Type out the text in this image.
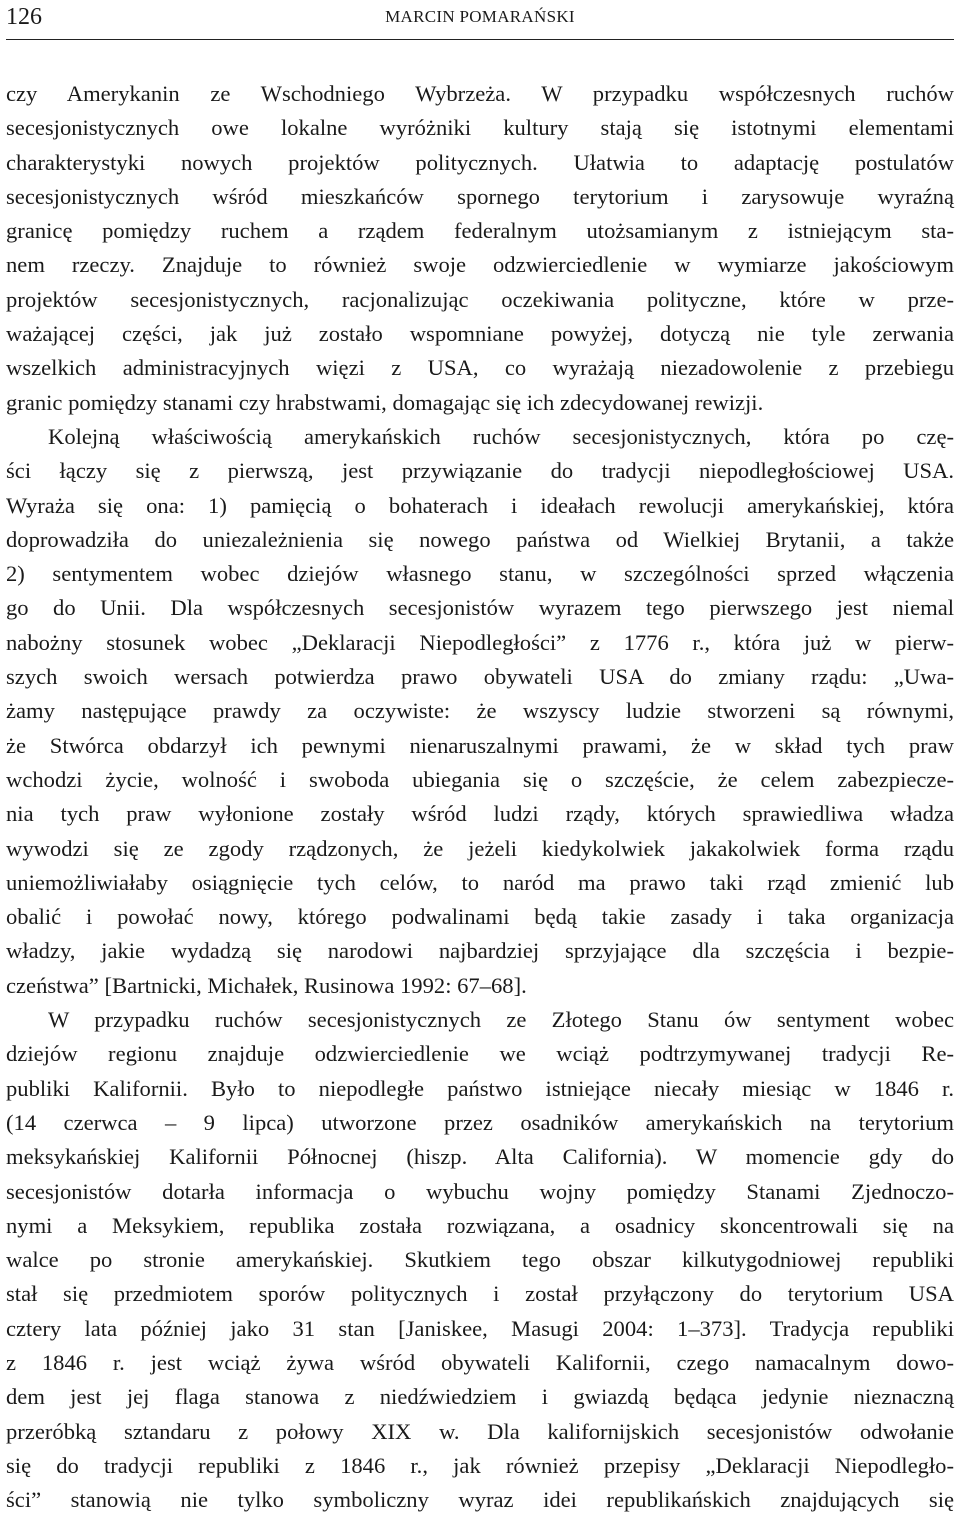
126	MARCIN POMARAŃSKI
czy Amerykanin ze Wschodniego Wybrzeża. W przypadku współczesnych ruchów
secesjonistycznych owe lokalne wyróżniki kultury stają się istotnymi elementami
charakterystyki nowych projektów politycznych. Ułatwia to adaptację postulatów
secesjonistycznych wśród mieszkańców spornego terytorium i zarysowuje wyraźną
granicę pomiędzy ruchem a rządem federalnym utożsamianym z istniejącym sta-
nem rzeczy. Znajduje to również swoje odzwierciedlenie w wymiarze jakościowym
projektów secesjonistycznych, racjonalizując oczekiwania polityczne, które w prze-
ważającej części, jak już zostało wspomniane powyżej, dotyczą nie tyle zerwania
wszelkich administracyjnych więzi z USA, co wyrażają niezadowolenie z przebiegu
granic pomiędzy stanami czy hrabstwami, domagając się ich zdecydowanej rewizji.
Kolejną właściwością amerykańskich ruchów secesjonistycznych, która po czę-
ści łączy się z pierwszą, jest przywiązanie do tradycji niepodległościowej USA.
Wyraża się ona: 1) pamięcią o bohaterach i ideałach rewolucji amerykańskiej, która
doprowadziła do uniezależnienia się nowego państwa od Wielkiej Brytanii, a także
2) sentymentem wobec dziejów własnego stanu, w szczególności sprzed włączenia
go do Unii. Dla współczesnych secesjonistów wyrazem tego pierwszego jest niemal
nabożny stosunek wobec „Deklaracji Niepodległości” z 1776 r., która już w pierw-
szych swoich wersach potwierdza prawo obywateli USA do zmiany rządu: „Uwa-
żamy następujące prawdy za oczywiste: że wszyscy ludzie stworzeni są równymi,
że Stwórca obdarzył ich pewnymi nienaruszalnymi prawami, że w skład tych praw
wchodzi życie, wolność i swoboda ubiegania się o szczęście, że celem zabezpiecze-
nia tych praw wyłonione zostały wśród ludzi rządy, których sprawiedliwa władza
wywodzi się ze zgody rządzonych, że jeżeli kiedykolwiek jakakolwiek forma rządu
uniemożliwiałaby osiągnięcie tych celów, to naród ma prawo taki rząd zmienić lub
obalić i powołać nowy, którego podwalinami będą takie zasady i taka organizacja
władzy, jakie wydadzą się narodowi najbardziej sprzyjające dla szczęścia i bezpie-
czeństwa” [Bartnicki, Michałek, Rusinowa 1992: 67–68].
W przypadku ruchów secesjonistycznych ze Złotego Stanu ów sentyment wobec
dziejów regionu znajduje odzwierciedlenie we wciąż podtrzymywanej tradycji Re-
publiki Kalifornii. Było to niepodległe państwo istniejące niecały miesiąc w 1846 r.
(14 czerwca – 9 lipca) utworzone przez osadników amerykańskich na terytorium
meksykańskiej Kalifornii Północnej (hiszp. Alta California). W momencie gdy do
secesjonistów dotarła informacja o wybuchu wojny pomiędzy Stanami Zjednoczo-
nymi a Meksykiem, republika została rozwiązana, a osadnicy skoncentrowali się na
walce po stronie amerykańskiej. Skutkiem tego obszar kilkutygodniowej republiki
stał się przedmiotem sporów politycznych i został przyłączony do terytorium USA
cztery lata później jako 31 stan [Janiskee, Masugi 2004: 1–373]. Tradycja republiki
z 1846 r. jest wciąż żywa wśród obywateli Kalifornii, czego namacalnym dowo-
dem jest jej flaga stanowa z niedźwiedziem i gwiazdą będąca jedynie nieznaczną
przeróbką sztandaru z połowy XIX w. Dla kalifornijskich secesjonistów odwołanie
się do tradycji republiki z 1846 r., jak również przepisy „Deklaracji Niepodległo-
ści” stanowią nie tylko symboliczny wyraz idei republikańskich znajdujących się
